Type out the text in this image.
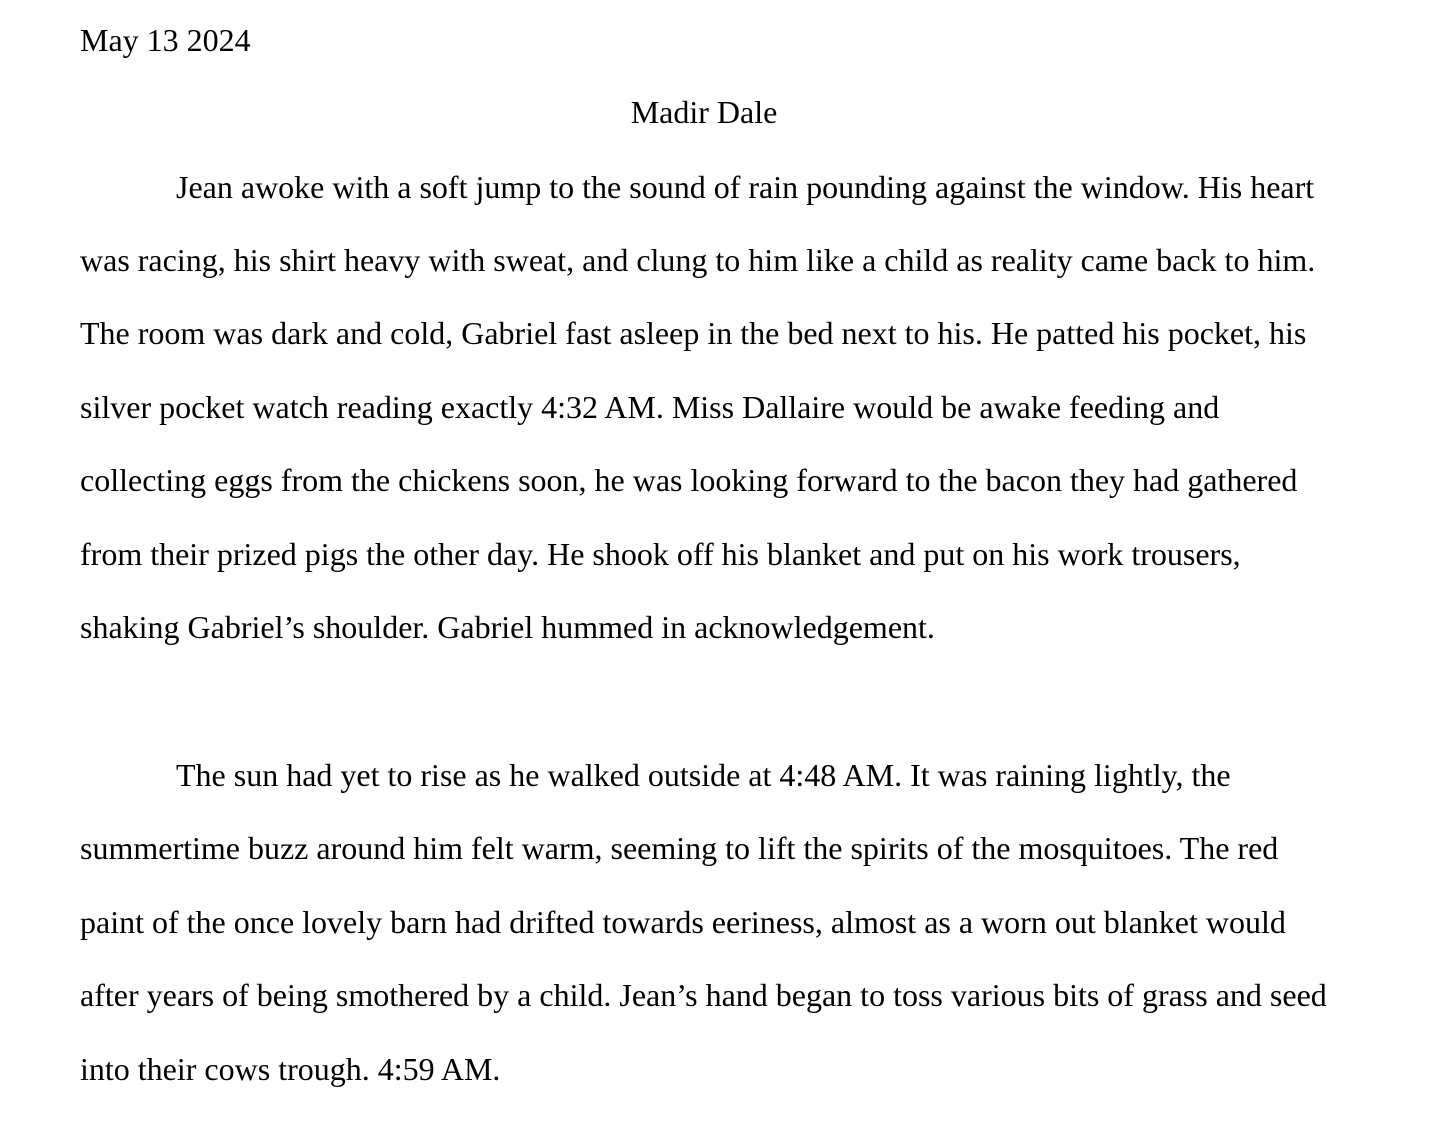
May 13 2024
Madir Dale
Jean awoke with a soft jump to the sound of rain pounding against the window. His heart
was racing, his shirt heavy with sweat, and clung to him like a child as reality came back to him.
The room was dark and cold, Gabriel fast asleep in the bed next to his. He patted his pocket, his
silver pocket watch reading exactly 4:32 AM. Miss Dallaire would be awake feeding and
collecting eggs from the chickens soon, he was looking forward to the bacon they had gathered
from their prized pigs the other day. He shook off his blanket and put on his work trousers,
shaking Gabriel’s shoulder. Gabriel hummed in acknowledgement.
The sun had yet to rise as he walked outside at 4:48 AM. It was raining lightly, the
summertime buzz around him felt warm, seeming to lift the spirits of the mosquitoes. The red
paint of the once lovely barn had drifted towards eeriness, almost as a worn out blanket would
after years of being smothered by a child. Jean’s hand began to toss various bits of grass and seed
into their cows trough. 4:59 AM.
